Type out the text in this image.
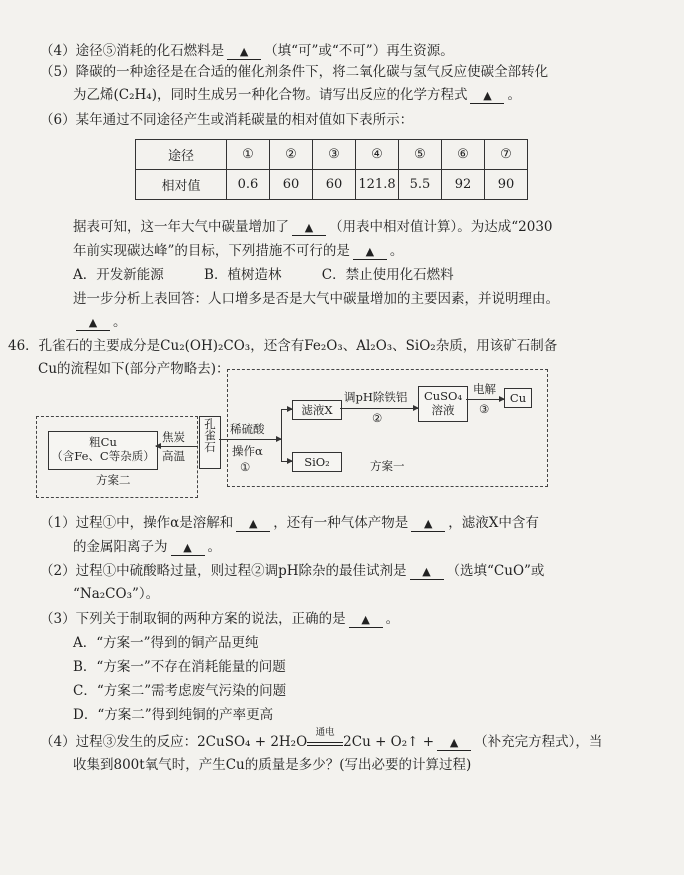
（4）途径⑤消耗的化石燃料是 ▲ （填“可”或“不可”）再生资源。
（5）降碳的一种途径是在合适的催化剂条件下，将二氧化碳与氢气反应使碳全部转化
为乙烯(C₂H₄)，同时生成另一种化合物。请写出反应的化学方程式 ▲ 。
（6）某年通过不同途径产生或消耗碳量的相对值如下表所示：
途径	①	②	③	④	⑤	⑥	⑦
相对值	0.6	60	60	121.8	5.5	92	90
据表可知，这一年大气中碳量增加了 ▲ （用表中相对值计算）。为达成“2030
年前实现碳达峰”的目标，下列措施不可行的是 ▲ 。
A．开发新能源	B．植树造林	C．禁止使用化石燃料
进一步分析上表回答：人口增多是否是大气中碳量增加的主要因素，并说明理由。
▲ 。
46．孔雀石的主要成分是Cu₂(OH)₂CO₃，还含有Fe₂O₃、Al₂O₃、SiO₂杂质，用该矿石制备
Cu的流程如下(部分产物略去)：
粗Cu
（含Fe、C等杂质）
焦炭
高温
方案二
孔雀石 稀硫酸
操作α
①
滤液X
SiO₂	方案一
调pH除铁铝
②
CuSO₄
溶液
电解
③
Cu
（1）过程①中，操作α是溶解和 ▲ ，还有一种气体产物是 ▲ ，滤液X中含有
的金属阳离子为 ▲ 。
（2）过程①中硫酸略过量，则过程②调pH除杂的最佳试剂是 ▲ （选填“CuO”或
“Na₂CO₃”）。
（3）下列关于制取铜的两种方案的说法，正确的是 ▲ 。
A．“方案一”得到的铜产品更纯
B．“方案一”不存在消耗能量的问题
C．“方案二”需考虑废气污染的问题
D．“方案二”得到纯铜的产率更高
（4）过程③发生的反应：2CuSO₄ + 2H₂O
通电
2Cu + O₂↑ + ▲ （补充完方程式），当
收集到800t氧气时，产生Cu的质量是多少？(写出必要的计算过程)
